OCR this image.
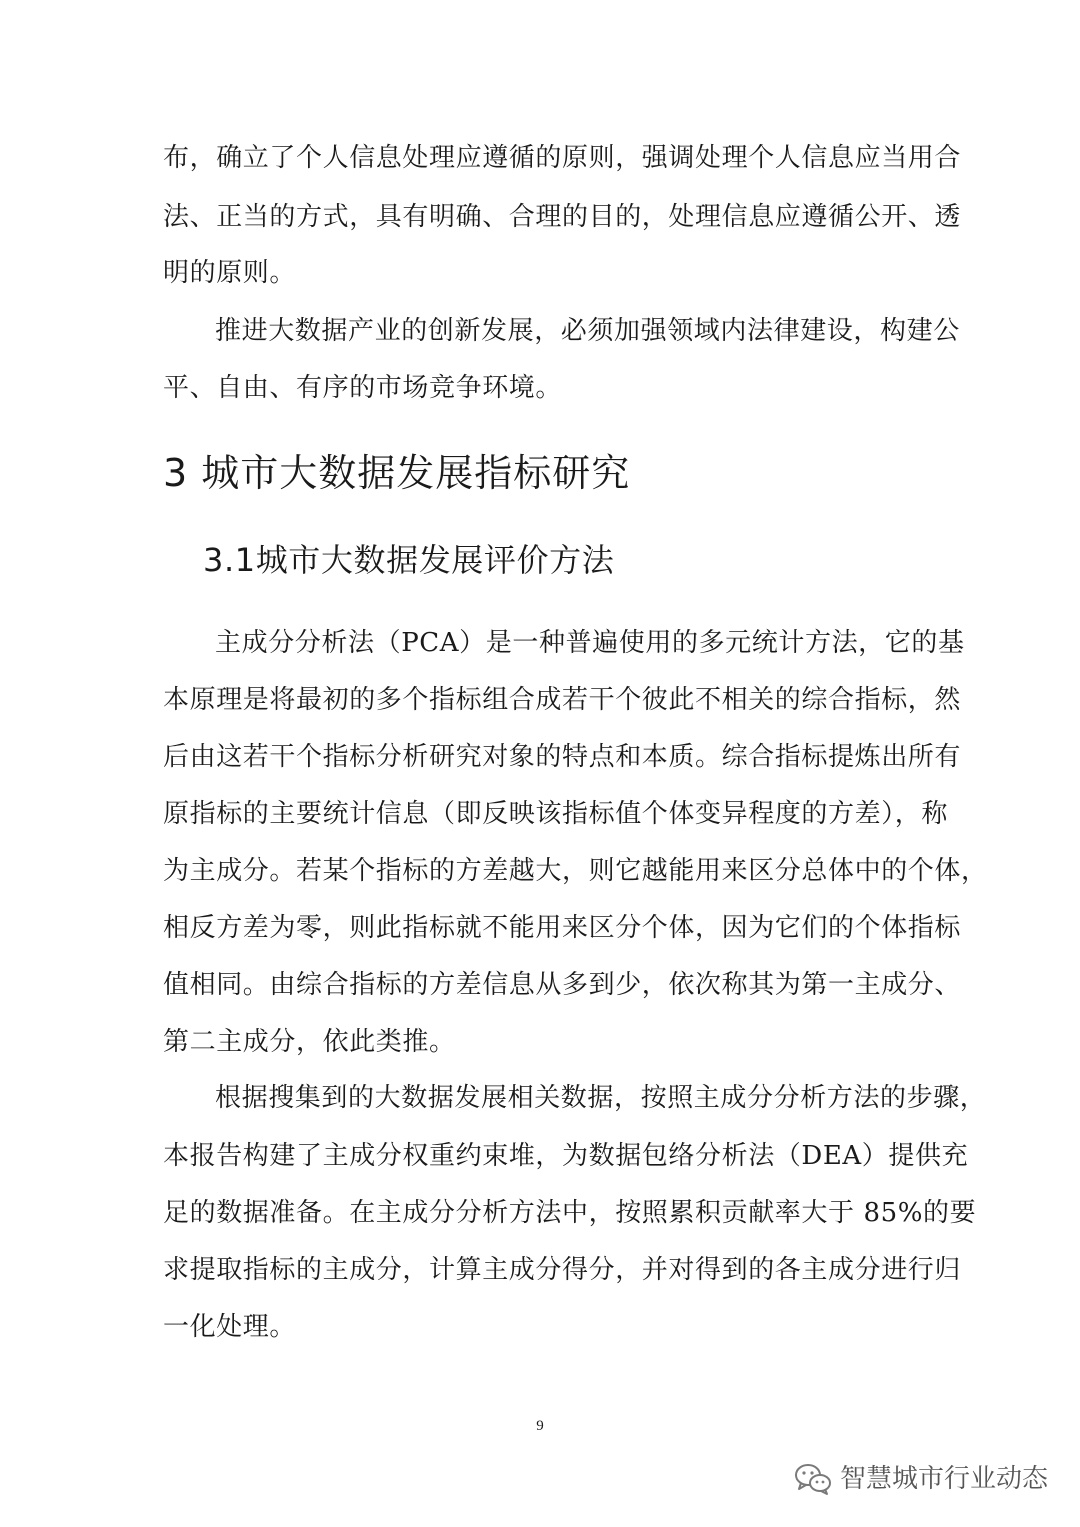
布，确立了个人信息处理应遵循的原则，强调处理个人信息应当用合
法、正当的方式，具有明确、合理的目的，处理信息应遵循公开、透
明的原则。
推进大数据产业的创新发展，必须加强领域内法律建设，构建公
平、自由、有序的市场竞争环境。
3 城市大数据发展指标研究
3.1城市大数据发展评价方法
主成分分析法（PCA）是一种普遍使用的多元统计方法，它的基
本原理是将最初的多个指标组合成若干个彼此不相关的综合指标，然
后由这若干个指标分析研究对象的特点和本质。综合指标提炼出所有
原指标的主要统计信息（即反映该指标值个体变异程度的方差），称
为主成分。若某个指标的方差越大，则它越能用来区分总体中的个体，
相反方差为零，则此指标就不能用来区分个体，因为它们的个体指标
值相同。由综合指标的方差信息从多到少，依次称其为第一主成分、
第二主成分，依此类推。
根据搜集到的大数据发展相关数据，按照主成分分析方法的步骤，
本报告构建了主成分权重约束堆，为数据包络分析法（DEA）提供充
足的数据准备。在主成分分析方法中，按照累积贡献率大于 85%的要
求提取指标的主成分，计算主成分得分，并对得到的各主成分进行归
一化处理。
9
智慧城市行业动态
